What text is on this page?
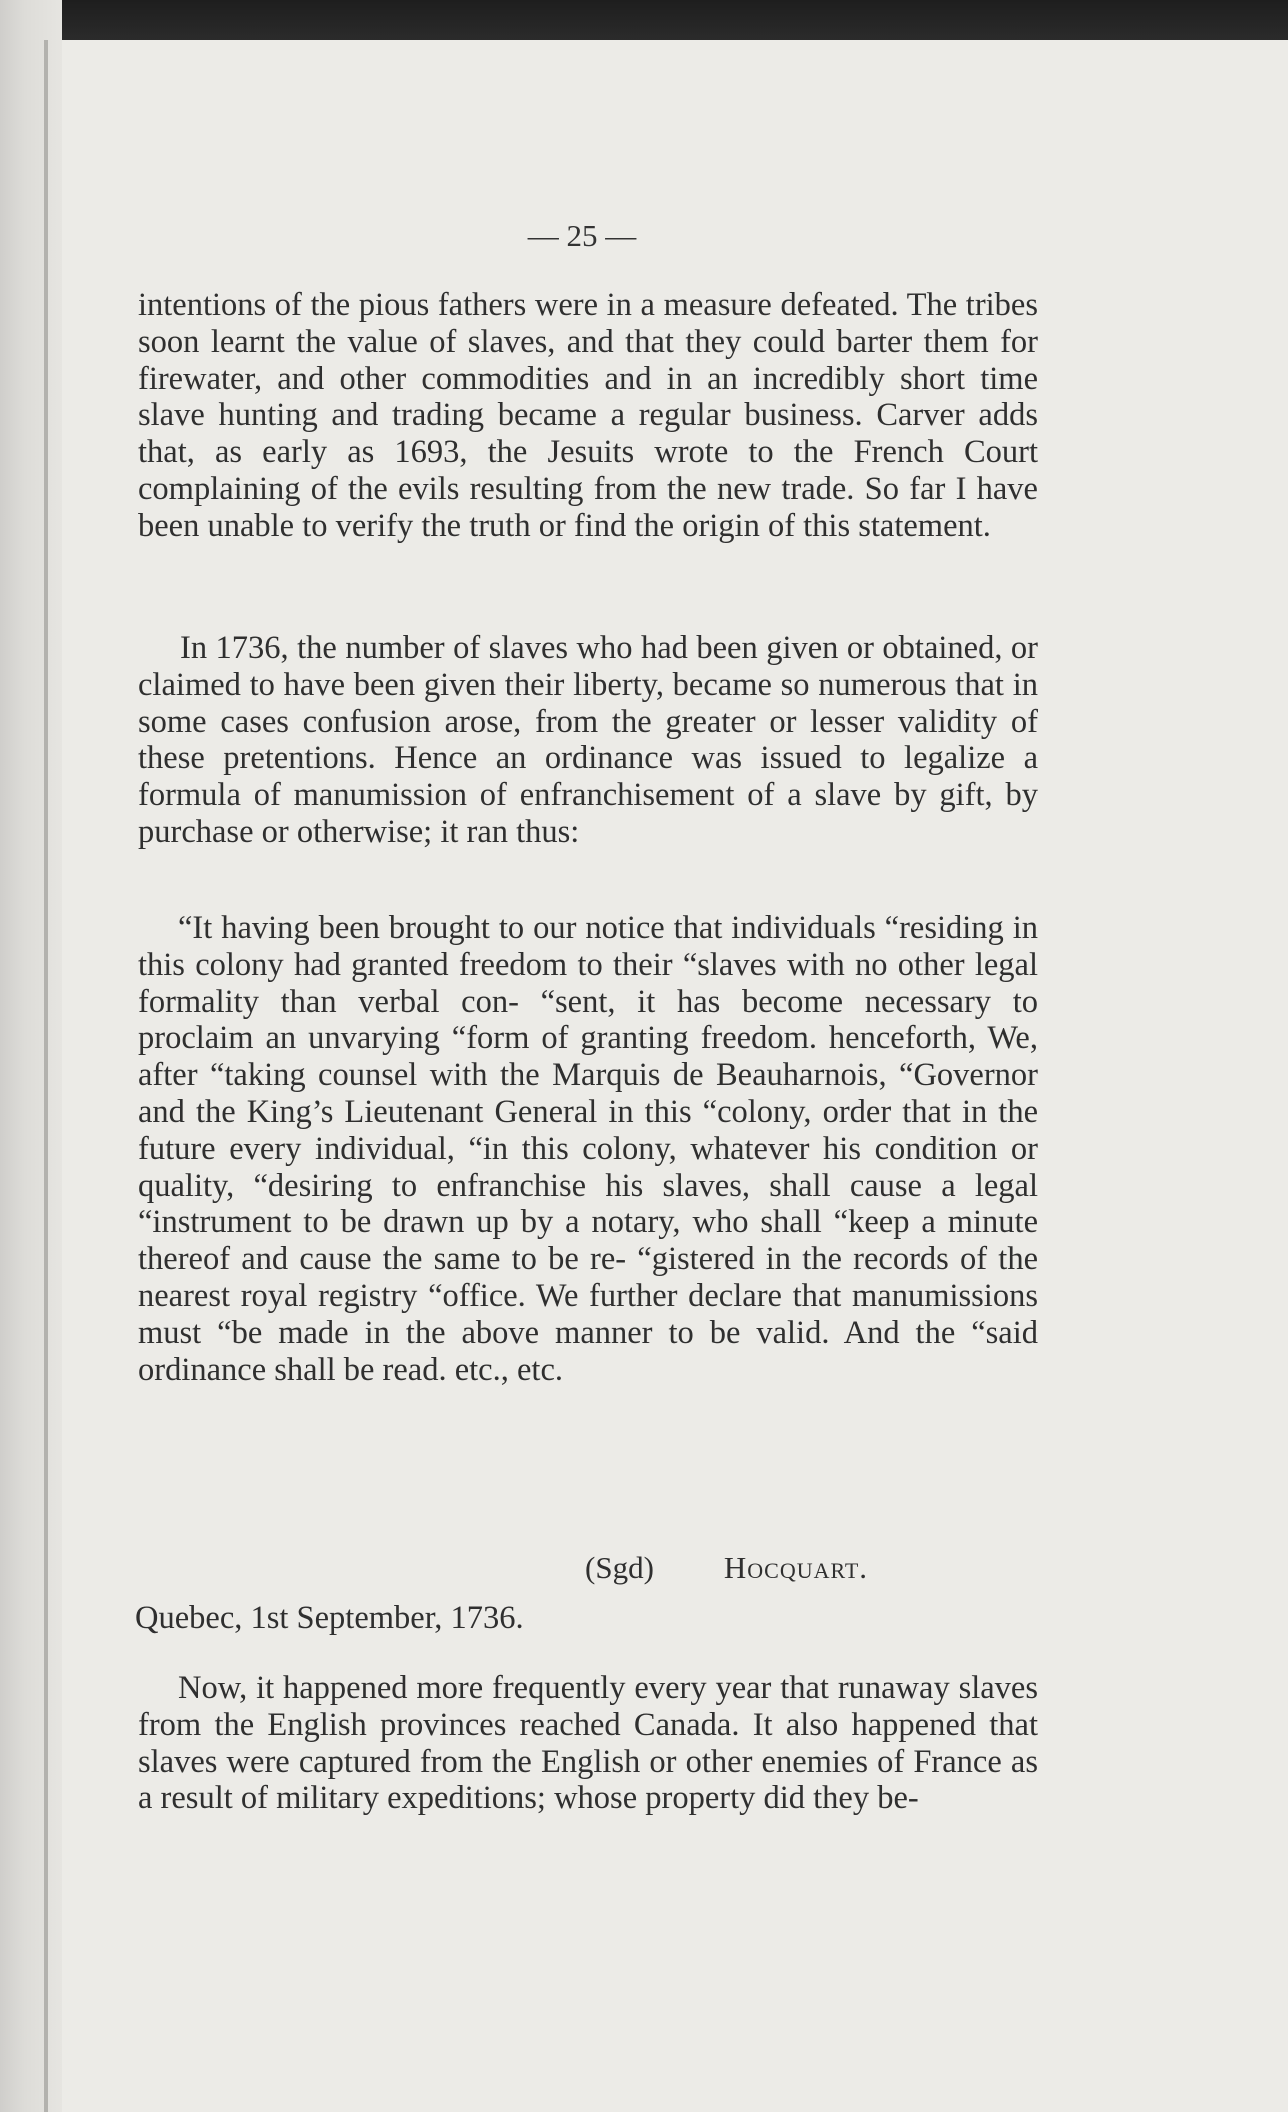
— 25 —

intentions of the pious fathers were in a measure defeated. The tribes soon learnt the value of slaves, and that they could barter them for firewater, and other commodities and in an incredibly short time slave hunting and trading became a regular business. Carver adds that, as early as 1693, the Jesuits wrote to the French Court complaining of the evils resulting from the new trade. So far I have been unable to verify the truth or find the origin of this statement.

In 1736, the number of slaves who had been given or obtained, or claimed to have been given their liberty, became so numerous that in some cases confusion arose, from the greater or lesser validity of these pretentions. Hence an ordinance was issued to legalize a formula of manumission of enfranchisement of a slave by gift, by purchase or otherwise; it ran thus:

“It having been brought to our notice that individuals “residing in this colony had granted freedom to their “slaves with no other legal formality than verbal con- “sent, it has become necessary to proclaim an unvarying “form of granting freedom. henceforth, We, after “taking counsel with the Marquis de Beauharnois, “Governor and the King’s Lieutenant General in this “colony, order that in the future every individual, “in this colony, whatever his condition or quality, “desiring to enfranchise his slaves, shall cause a legal “instrument to be drawn up by a notary, who shall “keep a minute thereof and cause the same to be re- “gistered in the records of the nearest royal registry “office. We further declare that manumissions must “be made in the above manner to be valid. And the “said ordinance shall be read. etc., etc.

(Sgd) Hocquart.

Quebec, 1st September, 1736.

Now, it happened more frequently every year that runaway slaves from the English provinces reached Canada. It also happened that slaves were captured from the English or other enemies of France as a result of military expeditions; whose property did they be-
